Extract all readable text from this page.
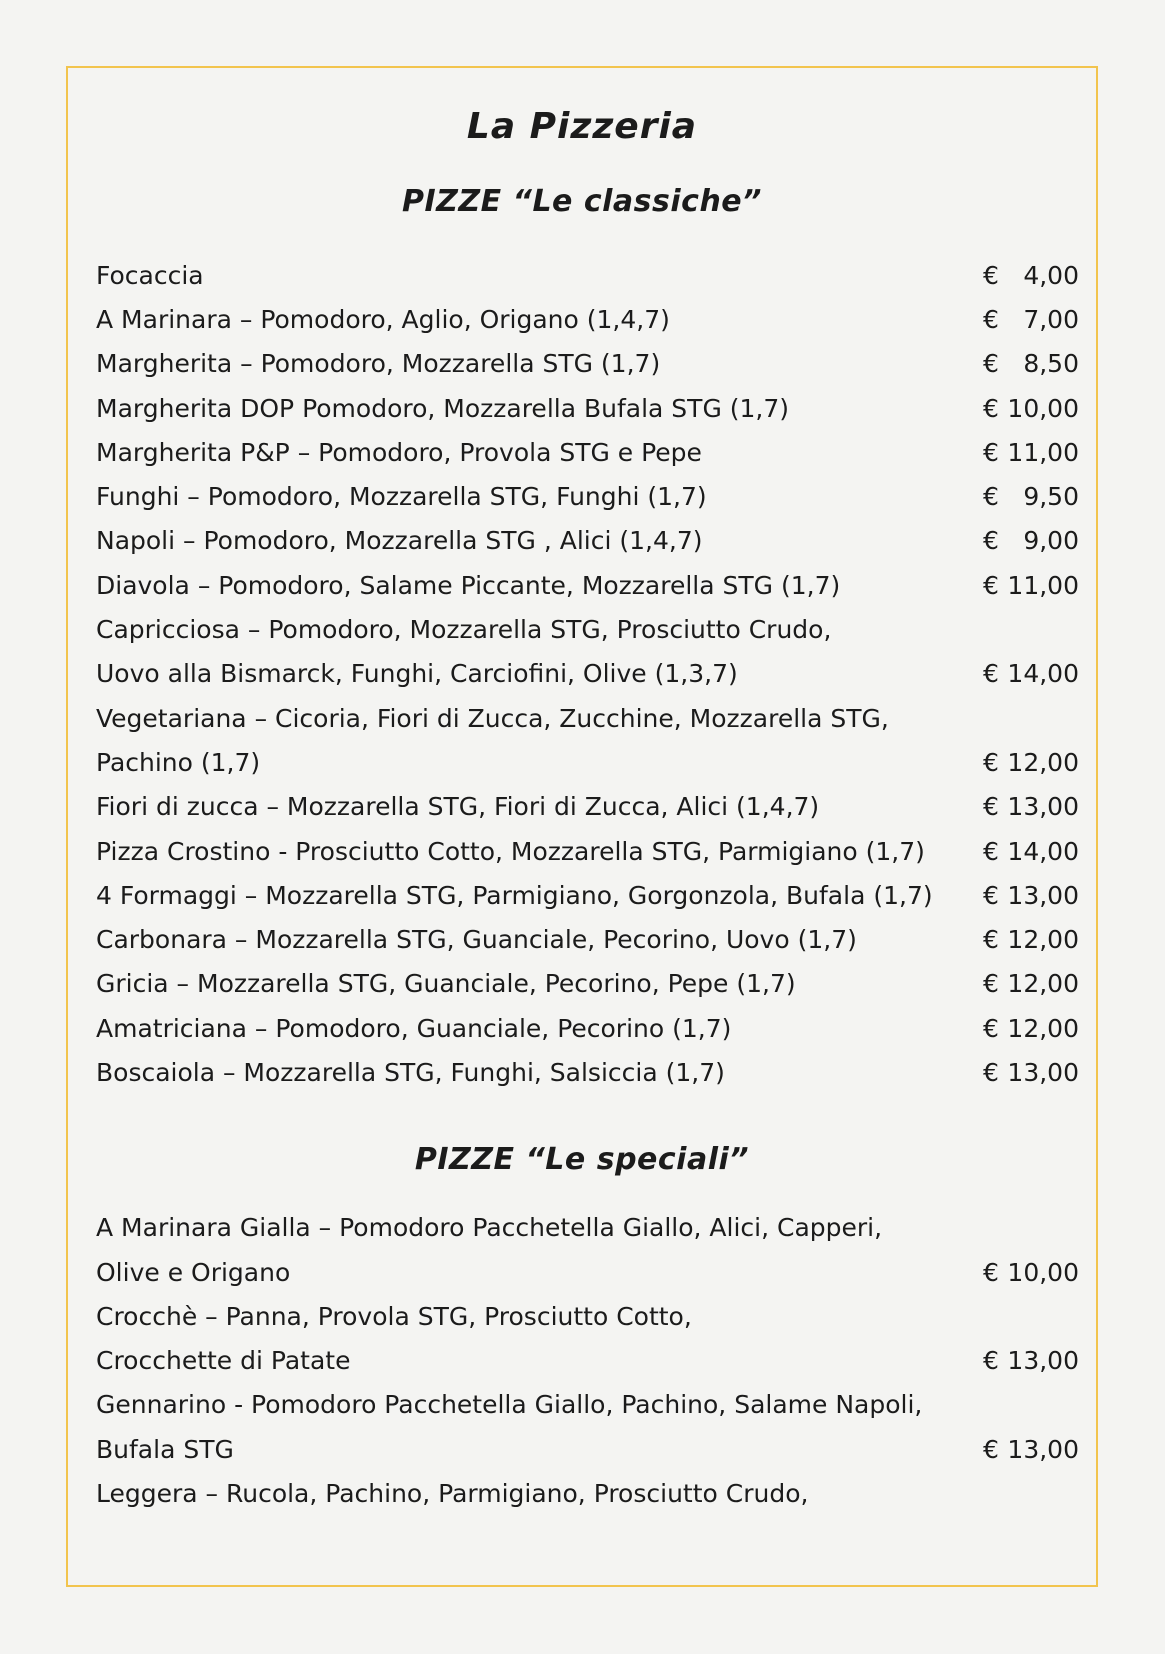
La Pizzeria
PIZZE “Le classiche”
Focaccia	€ 4,00
A Marinara – Pomodoro, Aglio, Origano (1,4,7)	€ 7,00
Margherita – Pomodoro, Mozzarella STG (1,7)	€ 8,50
Margherita DOP Pomodoro, Mozzarella Bufala STG (1,7)	€ 10,00
Margherita P&P – Pomodoro, Provola STG e Pepe	€ 11,00
Funghi – Pomodoro, Mozzarella STG, Funghi (1,7)	€ 9,50
Napoli – Pomodoro, Mozzarella STG , Alici (1,4,7)	€ 9,00
Diavola – Pomodoro, Salame Piccante, Mozzarella STG (1,7)	€ 11,00
Capricciosa – Pomodoro, Mozzarella STG, Prosciutto Crudo,
Uovo alla Bismarck, Funghi, Carciofini, Olive (1,3,7)	€ 14,00
Vegetariana – Cicoria, Fiori di Zucca, Zucchine, Mozzarella STG,
Pachino (1,7)	€ 12,00
Fiori di zucca – Mozzarella STG, Fiori di Zucca, Alici (1,4,7)	€ 13,00
Pizza Crostino - Prosciutto Cotto, Mozzarella STG, Parmigiano (1,7)	€ 14,00
4 Formaggi – Mozzarella STG, Parmigiano, Gorgonzola, Bufala (1,7)	€ 13,00
Carbonara – Mozzarella STG, Guanciale, Pecorino, Uovo (1,7)	€ 12,00
Gricia – Mozzarella STG, Guanciale, Pecorino, Pepe (1,7)	€ 12,00
Amatriciana – Pomodoro, Guanciale, Pecorino (1,7)	€ 12,00
Boscaiola – Mozzarella STG, Funghi, Salsiccia (1,7)	€ 13,00
PIZZE “Le speciali”
A Marinara Gialla – Pomodoro Pacchetella Giallo, Alici, Capperi,
Olive e Origano	€ 10,00
Crocchè – Panna, Provola STG, Prosciutto Cotto,
Crocchette di Patate	€ 13,00
Gennarino - Pomodoro Pacchetella Giallo, Pachino, Salame Napoli,
Bufala STG	€ 13,00
Leggera – Rucola, Pachino, Parmigiano, Prosciutto Crudo,
